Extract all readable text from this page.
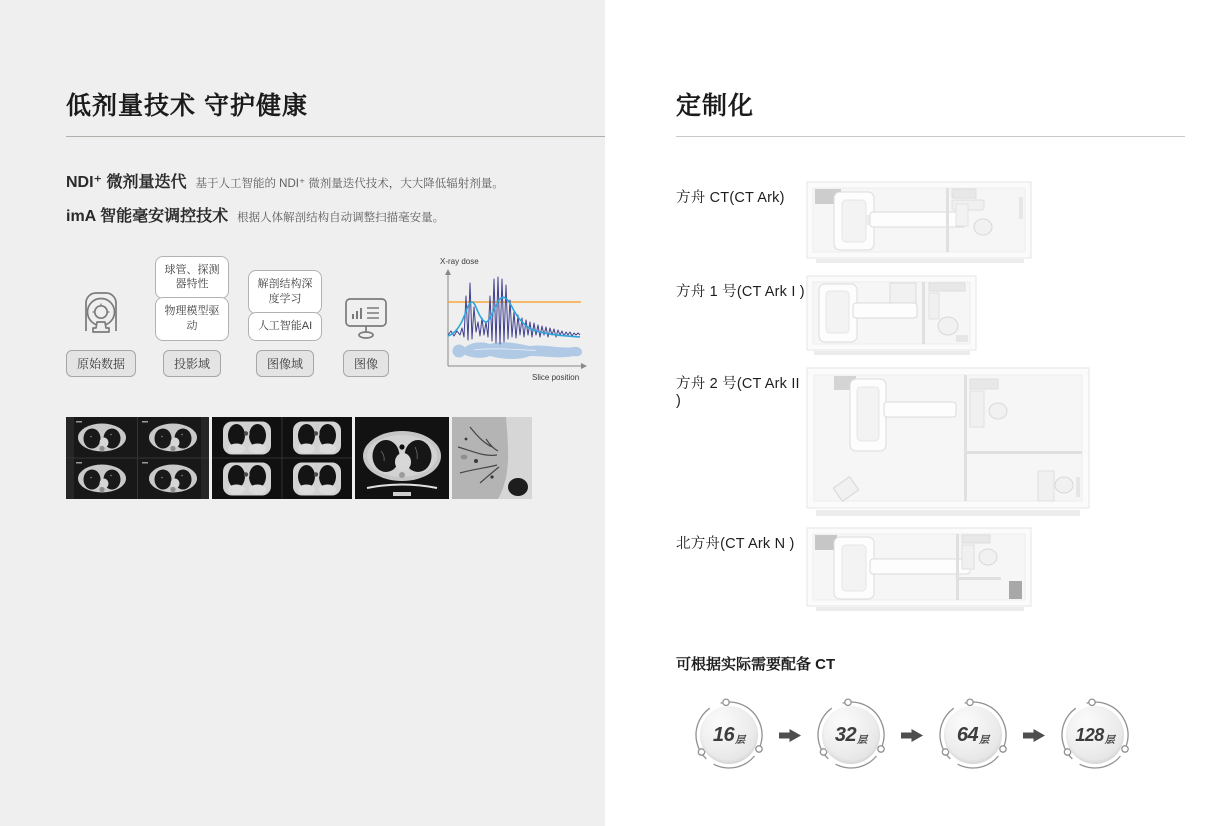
低剂量技术 守护健康
NDI⁺ 微剂量迭代 基于人工智能的 NDI⁺ 微剂量迭代技术，大大降低辐射剂量。
imA 智能毫安调控技术 根据人体解剖结构自动调整扫描毫安量。
原始数据
球管、探测器特性
物理模型驱动
投影域
解剖结构深度学习
人工智能AI
图像域	图像
X-ray dose
Slice position
定制化
方舟 CT(CT Ark)
方舟 1 号(CT Ark I )
方舟 2 号(CT Ark II )
北方舟(CT Ark N )
可根据实际需要配备 CT
16 层	32 层	64 层	128 层
